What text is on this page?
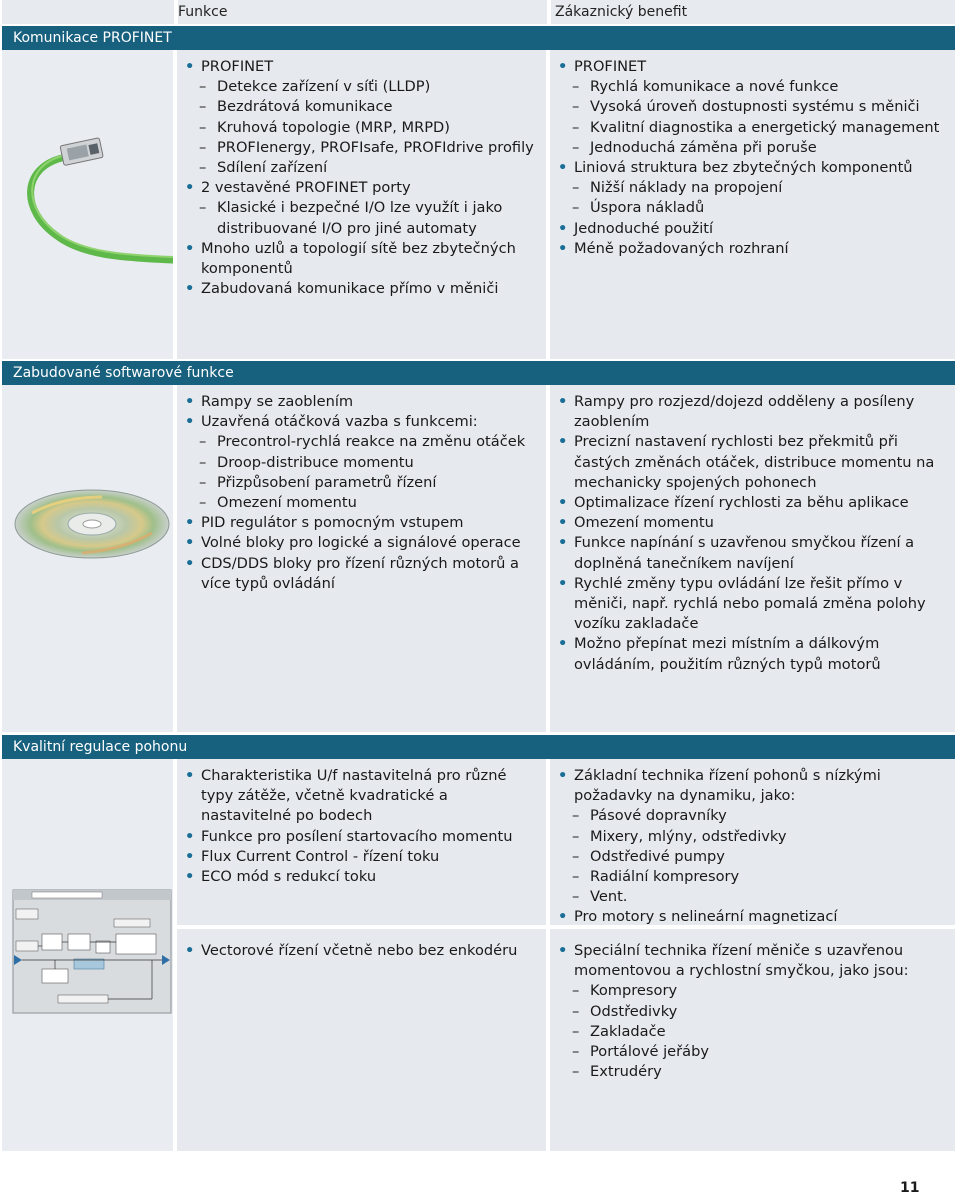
Funkce	Zákaznický benefit
Komunikace PROFINET
• PROFINET
– Detekce zařízení v síťi (LLDP)
– Bezdrátová komunikace
– Kruhová topologie (MRP, MRPD)
– PROFIenergy, PROFIsafe, PROFIdrive profily
– Sdílení zařízení
• 2 vestavěné PROFINET porty
– Klasické i bezpečné I/O lze využít i jako distribuované I/O pro jiné automaty
• Mnoho uzlů a topologií sítě bez zbytečných komponentů
• Zabudovaná komunikace přímo v měniči
• PROFINET
– Rychlá komunikace a nové funkce
– Vysoká úroveň dostupnosti systému s měniči
– Kvalitní diagnostika a energetický management
– Jednoduchá záměna při poruše
• Liniová struktura bez zbytečných komponentů
– Nižší náklady na propojení
– Úspora nákladů
• Jednoduché použití
• Méně požadovaných rozhraní
Zabudované softwarové funkce
• Rampy se zaoblením
• Uzavřená otáčková vazba s funkcemi:
– Precontrol-rychlá reakce na změnu otáček
– Droop-distribuce momentu
– Přizpůsobení parametrů řízení
– Omezení momentu
• PID regulátor s pomocným vstupem
• Volné bloky pro logické a signálové operace
• CDS/DDS bloky pro řízení různých motorů a více typů ovládání
• Rampy pro rozjezd/dojezd odděleny a posíleny zaoblením
• Precizní nastavení rychlosti bez překmitů při častých změnách otáček, distribuce momentu na mechanicky spojených pohonech
• Optimalizace řízení rychlosti za běhu aplikace
• Omezení momentu
• Funkce napínání s uzavřenou smyčkou řízení a doplněná tanečníkem navíjení
• Rychlé změny typu ovládání lze řešit přímo v měniči, např. rychlá nebo pomalá změna polohy vozíku zakladače
• Možno přepínat mezi místním a dálkovým ovládáním, použitím různých typů motorů
Kvalitní regulace pohonu
• Charakteristika U/f nastavitelná pro různé typy zátěže, včetně kvadratické a nastavitelné po bodech
• Funkce pro posílení startovacího momentu
• Flux Current Control - řízení toku
• ECO mód s redukcí toku
• Základní technika řízení pohonů s nízkými požadavky na dynamiku, jako:
– Pásové dopravníky
– Mixery, mlýny, odstředivky
– Odstředivé pumpy
– Radiální kompresory
– Vent.
• Pro motory s nelineární magnetizací
• Vectorové řízení včetně nebo bez enkodéru
•	Speciální technika řízení měniče s uzavřenou momentovou a rychlostní smyčkou, jako jsou:
– Kompresory
– Odstředivky
– Zakladače
– Portálové jeřáby
– Extrudéry
11
